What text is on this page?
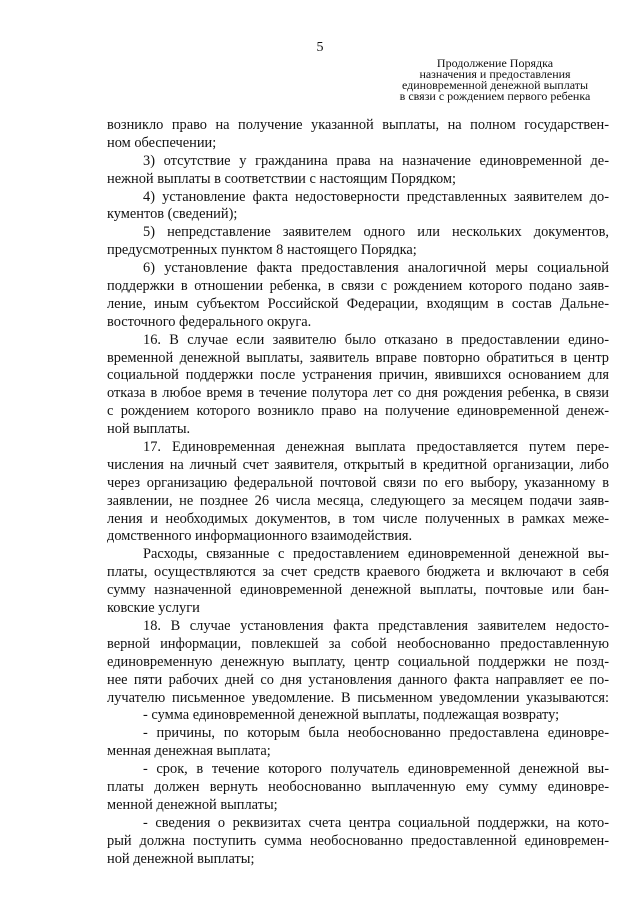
5
Продолжение Порядка
назначения и предоставления
единовременной денежной выплаты
в связи с рождением первого ребенка
возникло право на получение указанной выплаты, на полном государствен-
ном обеспечении;
3) отсутствие у гражданина права на назначение единовременной де-
нежной выплаты в соответствии с настоящим Порядком;
4) установление факта недостоверности представленных заявителем до-
кументов (сведений);
5) непредставление заявителем одного или нескольких документов,
предусмотренных пунктом 8 настоящего Порядка;
6) установление факта предоставления аналогичной меры социальной
поддержки в отношении ребенка, в связи с рождением которого подано заяв-
ление, иным субъектом Российской Федерации, входящим в состав Дальне-
восточного федерального округа.
16. В случае если заявителю было отказано в предоставлении едино-
временной денежной выплаты, заявитель вправе повторно обратиться в центр
социальной поддержки после устранения причин, явившихся основанием для
отказа в любое время в течение полутора лет со дня рождения ребенка, в связи
с рождением которого возникло право на получение единовременной денеж-
ной выплаты.
17. Единовременная денежная выплата предоставляется путем пере-
числения на личный счет заявителя, открытый в кредитной организации, либо
через организацию федеральной почтовой связи по его выбору, указанному в
заявлении, не позднее 26 числа месяца, следующего за месяцем подачи заяв-
ления и необходимых документов, в том числе полученных в рамках меже-
домственного информационного взаимодействия.
Расходы, связанные с предоставлением единовременной денежной вы-
платы, осуществляются за счет средств краевого бюджета и включают в себя
сумму назначенной единовременной денежной выплаты, почтовые или бан-
ковские услуги
18. В случае установления факта представления заявителем недосто-
верной информации, повлекшей за собой необоснованно предоставленную
единовременную денежную выплату, центр социальной поддержки не позд-
нее пяти рабочих дней со дня установления данного факта направляет ее по-
лучателю письменное уведомление. В письменном уведомлении указываются:
- сумма единовременной денежной выплаты, подлежащая возврату;
- причины, по которым была необоснованно предоставлена единовре-
менная денежная выплата;
- срок, в течение которого получатель единовременной денежной вы-
платы должен вернуть необоснованно выплаченную ему сумму единовре-
менной денежной выплаты;
- сведения о реквизитах счета центра социальной поддержки, на кото-
рый должна поступить сумма необоснованно предоставленной единовремен-
ной денежной выплаты;
